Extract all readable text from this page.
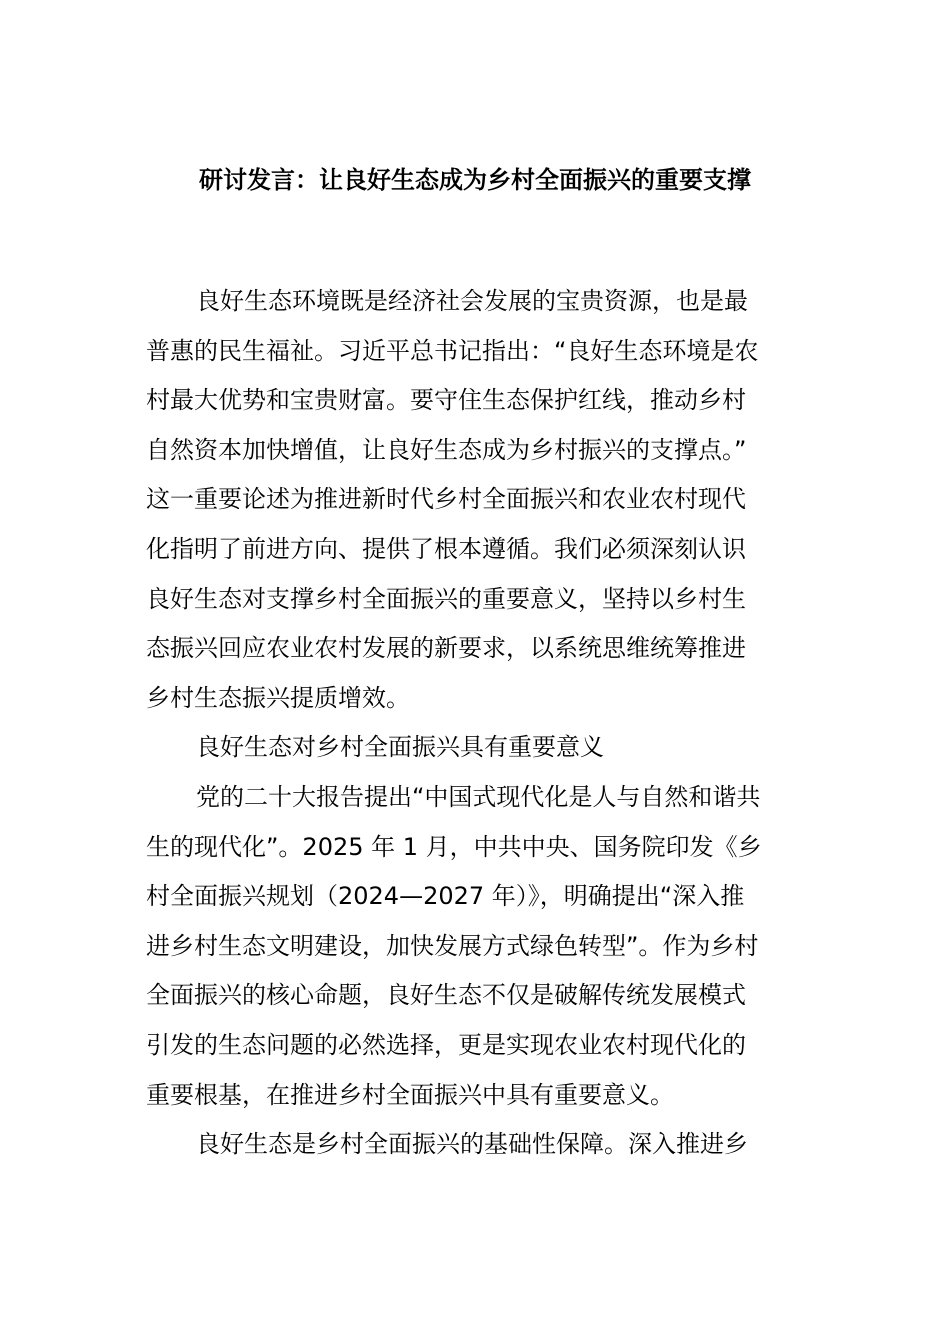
研讨发言：让良好生态成为乡村全面振兴的重要支撑

良好生态环境既是经济社会发展的宝贵资源，也是最

普惠的民生福祉。习近平总书记指出：“良好生态环境是农

村最大优势和宝贵财富。要守住生态保护红线，推动乡村

自然资本加快增值，让良好生态成为乡村振兴的支撑点。”

这一重要论述为推进新时代乡村全面振兴和农业农村现代

化指明了前进方向、提供了根本遵循。我们必须深刻认识

良好生态对支撑乡村全面振兴的重要意义，坚持以乡村生

态振兴回应农业农村发展的新要求，以系统思维统筹推进

乡村生态振兴提质增效。

良好生态对乡村全面振兴具有重要意义

党的二十大报告提出“中国式现代化是人与自然和谐共

生的现代化”。2025 年 1 月，中共中央、国务院印发《乡

村全面振兴规划（2024—2027 年）》，明确提出“深入推

进乡村生态文明建设，加快发展方式绿色转型”。作为乡村

全面振兴的核心命题，良好生态不仅是破解传统发展模式

引发的生态问题的必然选择，更是实现农业农村现代化的

重要根基，在推进乡村全面振兴中具有重要意义。

良好生态是乡村全面振兴的基础性保障。深入推进乡
